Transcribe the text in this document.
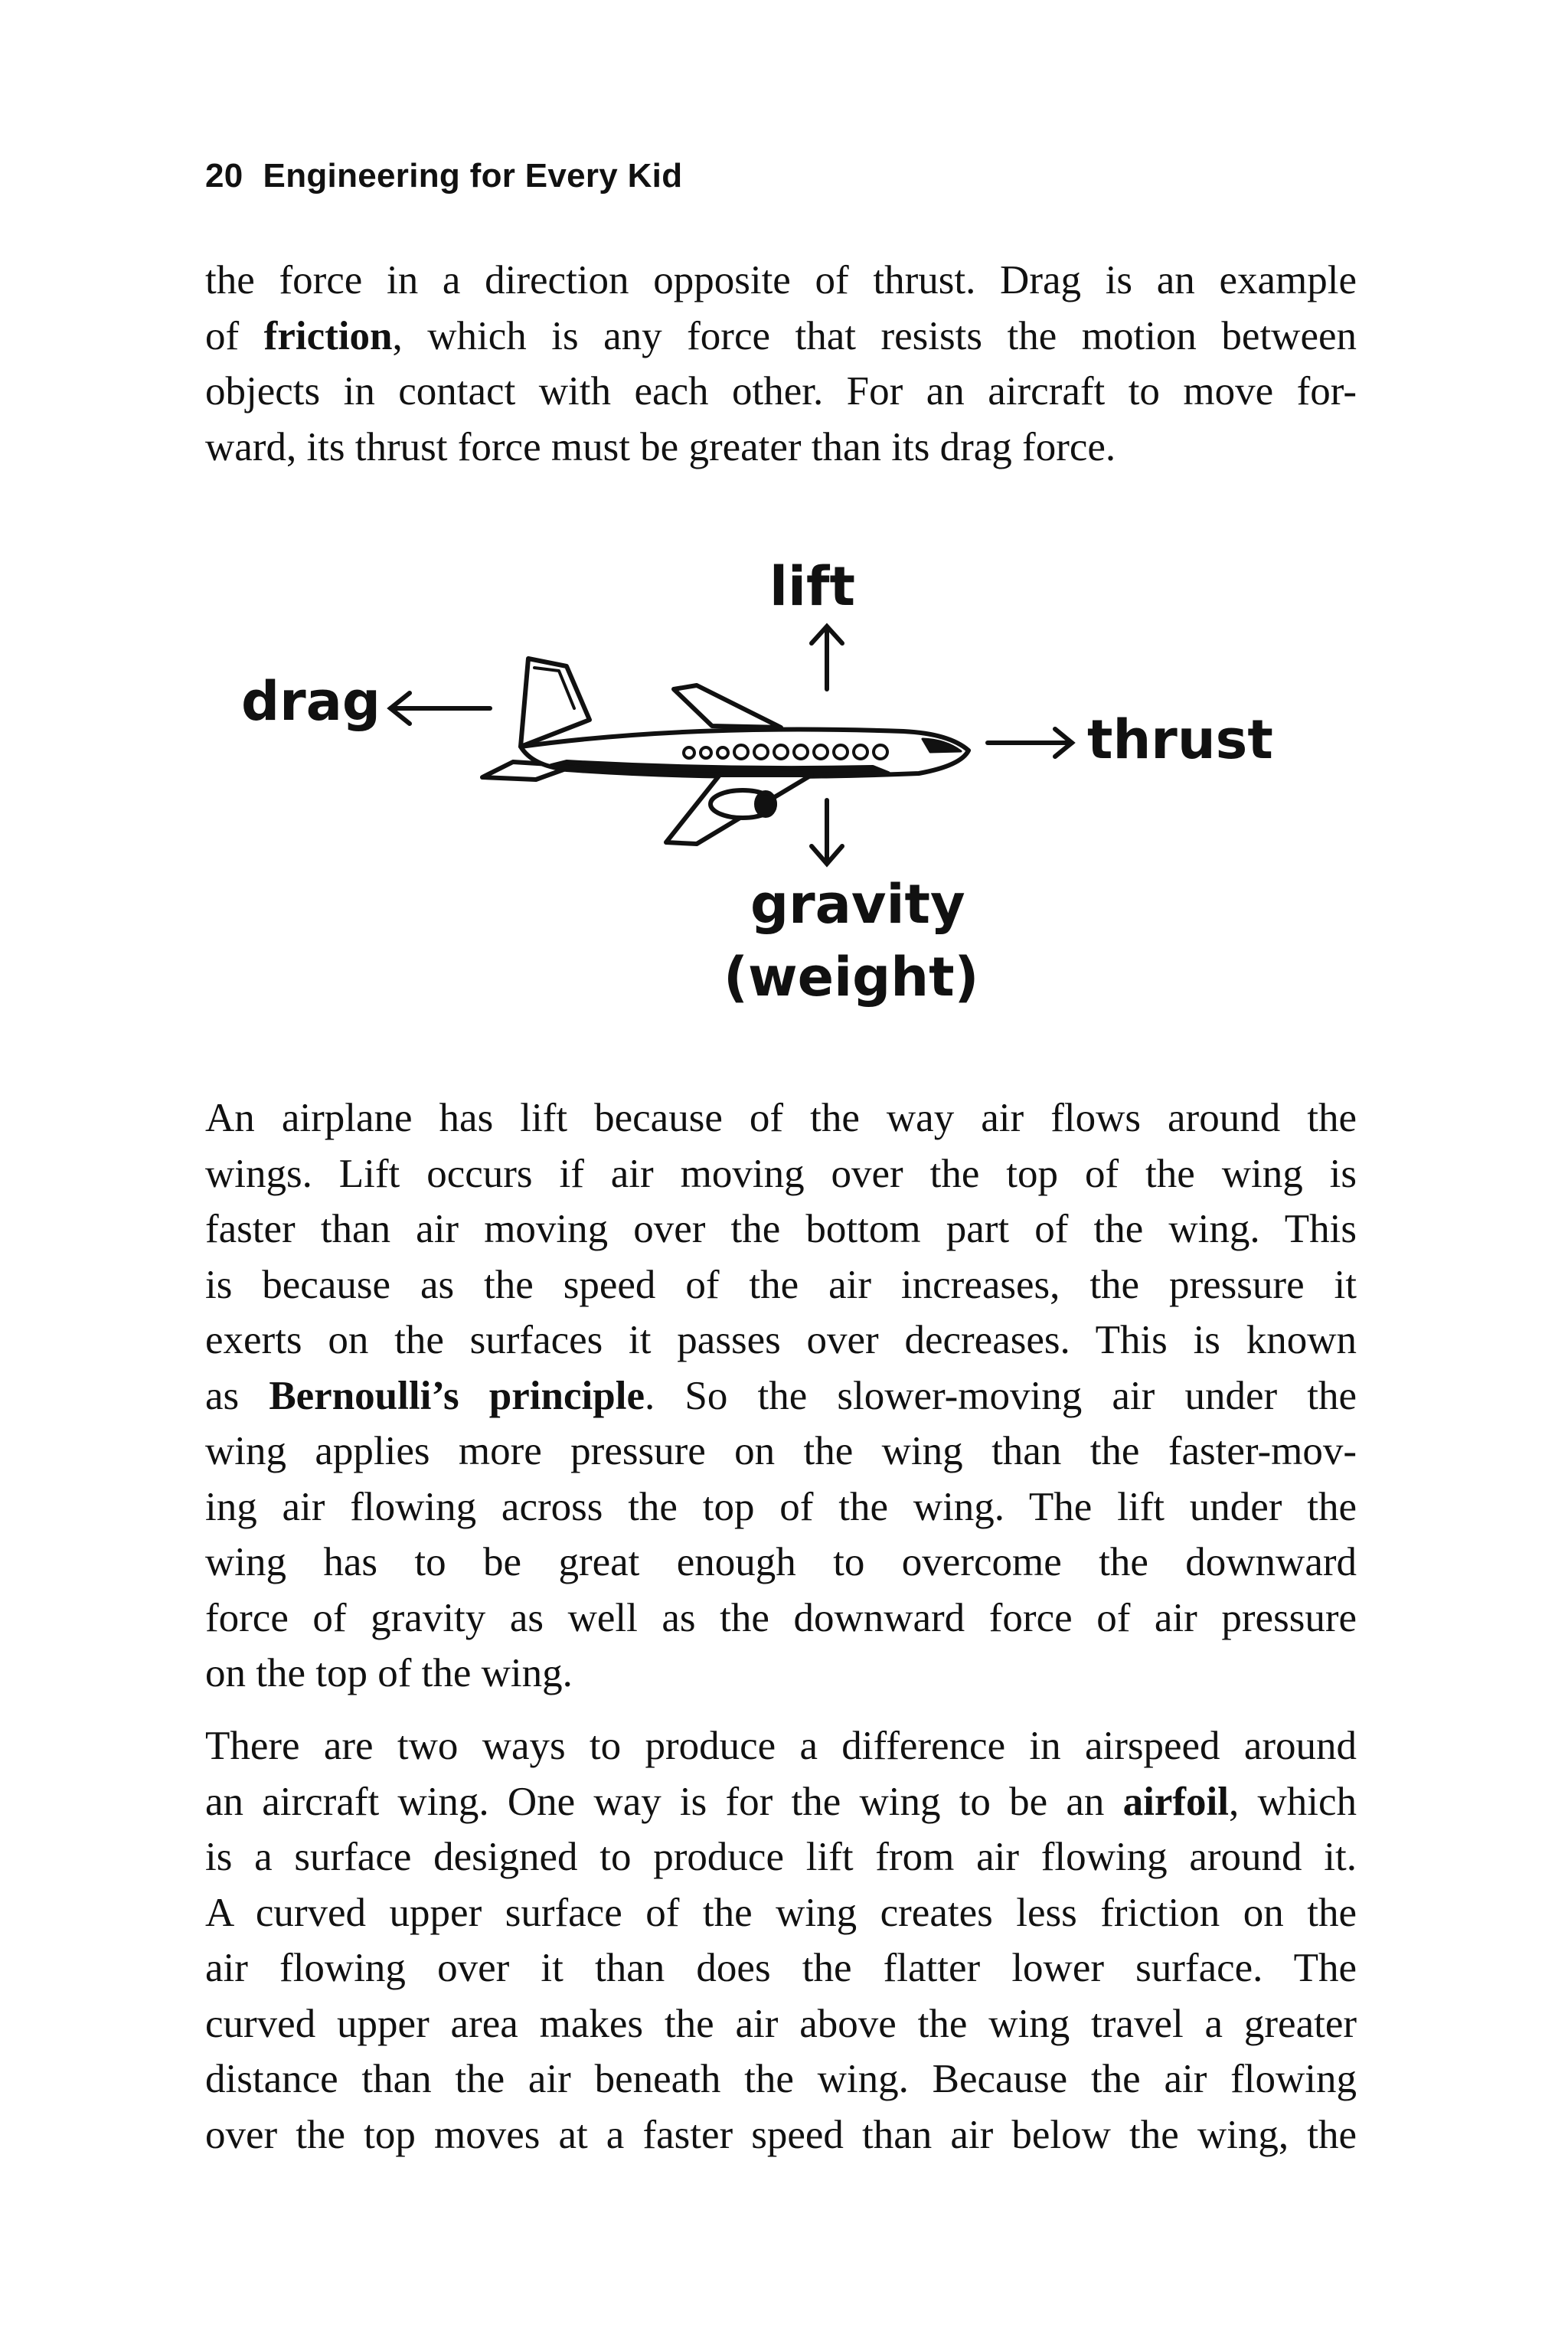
20 Engineering for Every Kid
the force in a direction opposite of thrust. Drag is an example
of friction, which is any force that resists the motion between
objects in contact with each other. For an aircraft to move for-
ward, its thrust force must be greater than its drag force.
lift
drag
thrust
gravity
(weight)
An airplane has lift because of the way air flows around the
wings. Lift occurs if air moving over the top of the wing is
faster than air moving over the bottom part of the wing. This
is because as the speed of the air increases, the pressure it
exerts on the surfaces it passes over decreases. This is known
as Bernoulli’s principle. So the slower-moving air under the
wing applies more pressure on the wing than the faster-mov-
ing air flowing across the top of the wing. The lift under the
wing has to be great enough to overcome the downward
force of gravity as well as the downward force of air pressure
on the top of the wing.
There are two ways to produce a difference in airspeed around
an aircraft wing. One way is for the wing to be an airfoil, which
is a surface designed to produce lift from air flowing around it.
A curved upper surface of the wing creates less friction on the
air flowing over it than does the flatter lower surface. The
curved upper area makes the air above the wing travel a greater
distance than the air beneath the wing. Because the air flowing
over the top moves at a faster speed than air below the wing, the
